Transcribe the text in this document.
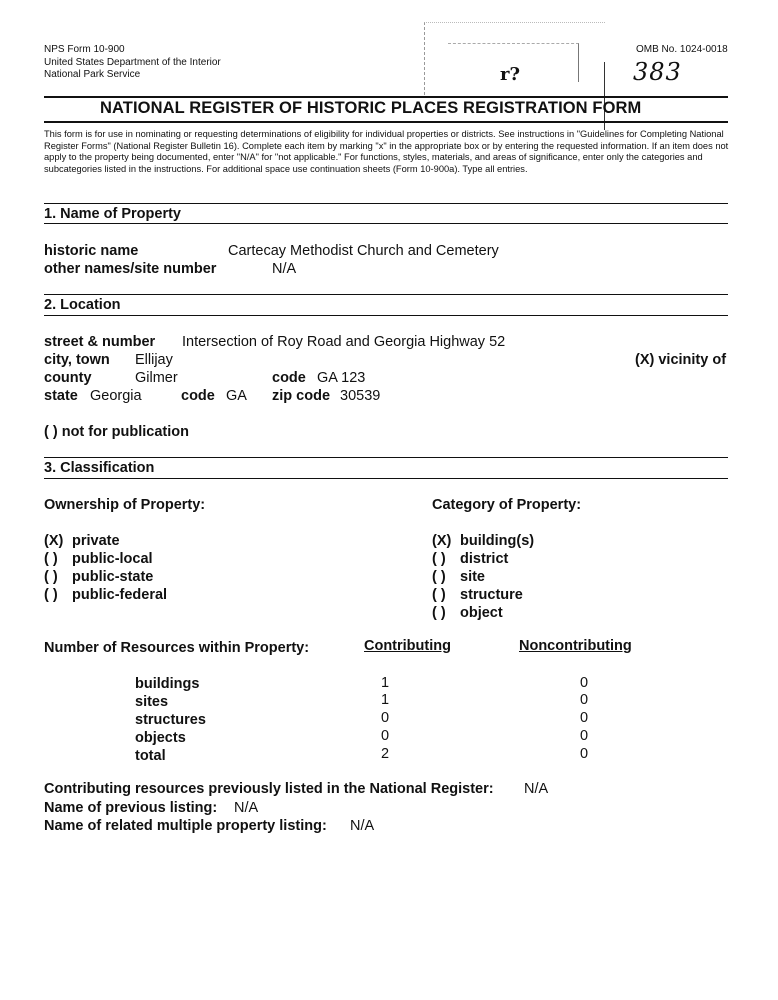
NPS Form 10-900
United States Department of the Interior
National Park Service
OMB No. 1024-0018
r?	383
NATIONAL REGISTER OF HISTORIC PLACES REGISTRATION FORM
This form is for use in nominating or requesting determinations of eligibility for individual properties or districts. See instructions in "Guidelines for Completing National Register Forms" (National Register Bulletin 16). Complete each item by marking "x" in the appropriate box or by entering the requested information. If an item does not apply to the property being documented, enter "N/A" for "not applicable." For functions, styles, materials, and areas of significance, enter only the categories and subcategories listed in the instructions. For additional space use continuation sheets (Form 10-900a). Type all entries.
1. Name of Property
historic name	Cartecay Methodist Church and Cemetery
other names/site number	N/A
2. Location
street & number Intersection of Roy Road and Georgia Highway 52
city, town Ellijay	(X) vicinity of
county	Gilmer	code GA 123
state Georgia	code GA zip code 30539
( ) not for publication
3. Classification
Ownership of Property:	Category of Property:
(X) private
( ) public-local
( ) public-state
( ) public-federal
(X) building(s)
( ) district
( ) site
( ) structure
( ) object
Number of Resources within Property:	Contributing	Noncontributing
buildings	1	0
sites	1	0
structures	0	0
objects	0	0
total	2	0
Contributing resources previously listed in the National Register: N/A
Name of previous listing: N/A
Name of related multiple property listing: N/A
